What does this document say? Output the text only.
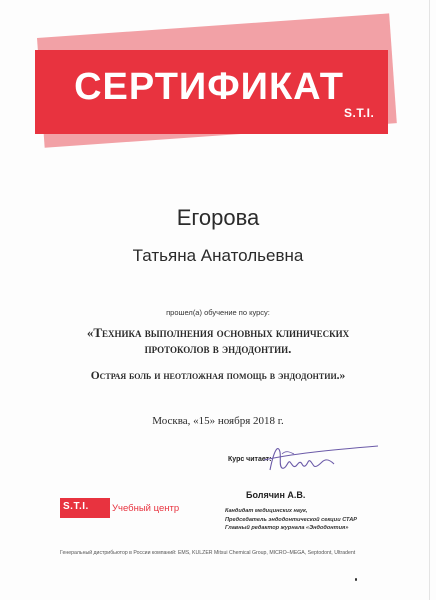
СЕРТИФИКАТ
S.T.I.
Егорова
Татьяна Анатольевна
прошел(а) обучение по курсу:
«Техника выполнения основных клинических
протоколов в эндодонтии.
Острая боль и неотложная помощь в эндодонтии.»
Москва, «15» ноября 2018 г.
Курс читает:
S.T.I. Учебный центр
Болячин А.В.
Кандидат медицинских наук,
Председатель эндодонтической секции СТАР
Главный редактор журнала «Эндодонтия»
Генеральный дистрибьютор в России компаний: EMS, KULZER Mitsui Chemical Group, MICRO–MEGA, Septodont, Ultradent
